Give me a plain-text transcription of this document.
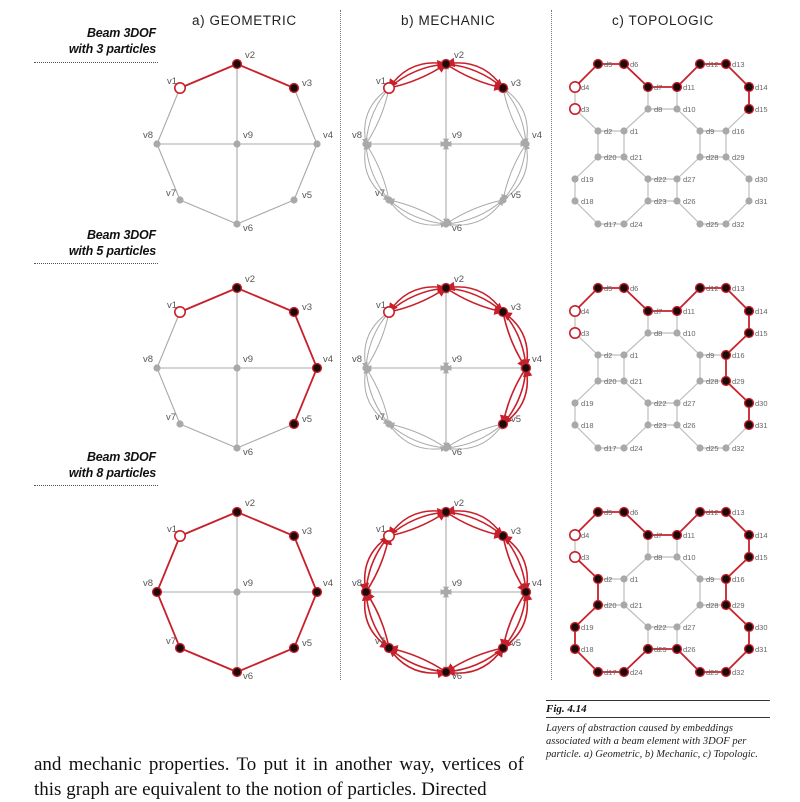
v1
v2
v3
v4
v5
v6
v7
v8	v9
v1
v2
v3
v4
v5
v6
v7
v8	v9
v1
v2
v3
v4
v5
v6
v7
v8	v9
v1
v2
v3
v4
v5
v6
v7
v8	v9
v1
v2
v3
v4
v5
v6
v7
v8	v9
v1
v2
v3
v4
v5
v6
v7
v8	v9
d5 d6	d12 d13
d7	d11	d14
d4
d3	d8	d10	d15
d2 d1	d9 d16
d20 d21	d28 d29
d19	d22 d27	d30
d18	d23 d26	d31
d17 d24	d25 d32
d5 d6	d12 d13
d7	d11	d14
d4
d3	d8	d10	d15
d2 d1	d9 d16
d20 d21	d28 d29
d19	d22 d27	d30
d18	d23 d26	d31
d17 d24	d25 d32
d5 d6	d12 d13
d7	d11	d14
d4
d3	d8	d10	d15
d2 d1	d9 d16
d20 d21	d28 d29
d19	d22 d27	d30
d18	d23 d26	d31
d17 d24	d25 d32
a) GEOMETRIC	b) MECHANIC	c) TOPOLOGIC
Beam 3DOF
with 3 particles
Beam 3DOF
with 5 particles
Beam 3DOF
with 8 particles
Fig. 4.14
Layers of abstraction caused by embeddings associated with a beam element with 3DOF per particle. a) Geometric, b) Mechanic, c) Topologic.
and mechanic properties. To put it in another way, vertices of this graph are equivalent to the notion of particles. Directed
